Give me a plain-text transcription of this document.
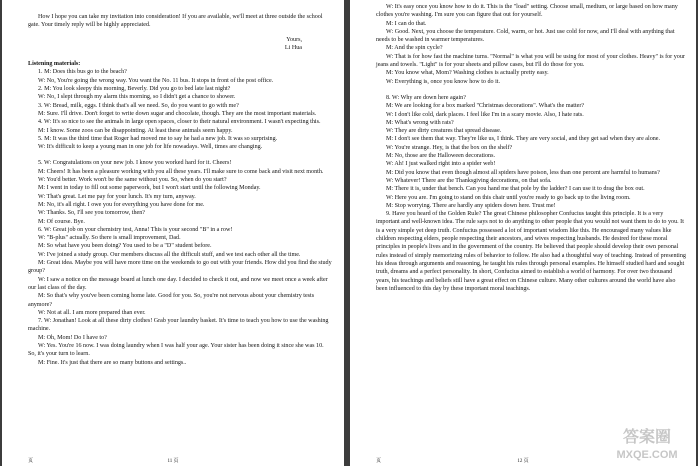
How I hope you can take my invitation into consideration! If you are available, we'll meet at three outside the school gate. Your timely reply will be highly appreciated.

Yours,

Li Hua

Listening materials:

1. M: Does this bus go to the beach?

W: No, You're going the wrong way. You want the No. 11 bus. It stops in front of the post office.

2. M: You look sleepy this morning, Beverly. Did you go to bed late last night?

W: No, I slept through my alarm this morning, so I didn't get a chance to shower.

3. W: Bread, milk, eggs. I think that's all we need. So, do you want to go with me?

M: Sure. I'll drive. Don't forget to write down sugar and chocolate, though. They are the most important materials.

4. W: It's so nice to see the animals in large open spaces, closer to their natural environment. I wasn't expecting this.

M: I know. Some zoos can be disappointing. At least these animals seem happy.

5. M: It was the third time that Roger had moved me to say he had a new job. It was so surprising.

W: It's difficult to keep a young man in one job for life nowadays. Well, times are changing.

5. W: Congratulations on your new job. I know you worked hard for it. Cheers!

M: Cheers! It has been a pleasure working with you all these years. I'll make sure to come back and visit next month.

W: You'd better. Work won't be the same without you. So, when do you start?

M: I went in today to fill out some paperwork, but I won't start until the following Monday.

W: That's great. Let me pay for your lunch. It's my turn, anyway.

M: No, it's all right. I owe you for everything you have done for me.

W: Thanks. So, I'll see you tomorrow, then?

M: Of course. Bye.

6. W: Great job on your chemistry test, Anna! This is your second "B" in a row!

W: "B-plus" actually. So there is small improvement, Dad.

M: So what have you been doing? You used to be a "D" student before.

W: I've joined a study group. Our members discuss all the difficult stuff, and we test each other all the time.

M: Great idea. Maybe you will have more time on the weekends to go out with your friends. How did you find the study group?

W: I saw a notice on the message board at lunch one day. I decided to check it out, and now we meet once a week after our last class of the day.

M: So that's why you've been coming home late. Good for you. So, you're not nervous about your chemistry tests anymore?

W: Not at all. I am more prepared than ever.

7. W: Jonathan! Look at all these dirty clothes! Grab your laundry basket. It's time to teach you how to use the washing machine.

M: Oh, Mom! Do I have to?

W: Yes. You're 16 now. I was doing laundry when I was half your age. Your sister has been doing it since she was 10. So, it's your turn to learn.

M: Fine. It's just that there are so many buttons and settings..

页	11 页

W: It's easy once you know how to do it. This is the "load" setting. Choose small, medium, or large based on how many clothes you're washing. I'm sure you can figure that out for yourself.

M: I can do that.

W: Good. Next, you choose the temperature. Cold, warm, or hot. Just use cold for now, and I'll deal with anything that needs to be washed in warmer temperatures.

M: And the spin cycle?

W: That is for how fast the machine turns. "Normal" is what you will be using for most of your clothes. Heavy" is for your jeans and towels. "Light" is for your sheets and pillow cases, but I'll do those for you.

M: You know what, Mom? Washing clothes is actually pretty easy.

W: Everything is, once you know how to do it.

8. W: Why are down here again?

M: We are looking for a box marked "Christmas decorations". What's the matter?

W: I don't like cold, dark places. I feel like I'm in a scary movie. Also, I hate rats.

M: What's wrong with rats?

W: They are dirty creatures that spread disease.

M: I don't see them that way. They're like us, I think. They are very social, and they get sad when they are alone.

W: You're strange. Hey, is that the box on the shelf?

M: No, those are the Halloween decorations.

W: Ah! I just walked right into a spider web!

M: Did you know that even though almost all spiders have poison, less than one percent are harmful to humans?

W: Whatever! There are the Thanksgiving decorations, on that sofa.

M: There it is, under that bench. Can you hand me that pole by the ladder? I can use it to drag the box out.

W: Here you are. I'm going to stand on this chair until you're ready to go back up to the living room.

M: Stop worrying. There are hardly any spiders down here. Trust me!

9. Have you heard of the Golden Rule? The great Chinese philosopher Confucius taught this principle. It is a very important and well-known idea. The rule says not to do anything to other people that you would not want them to do to you. It is a very simple yet deep truth. Confucius possessed a lot of important wisdom like this. He encouraged many values like children respecting elders, people respecting their ancestors, and wives respecting husbands. He desired for these moral principles in people's lives and in the government of the country. He believed that people should develop their own personal rules instead of simply memorizing rules of behavior to follow. He also had a thoughtful way of teaching. Instead of presenting his ideas through arguments and reasoning, he taught his rules through personal examples. He himself studied hard and sought truth, dreams and a perfect personality. In short, Confucius aimed to establish a world of harmony. For over two thousand years, his teachings and beliefs still have a great effect on Chinese culture. Many other cultures around the world have also been influenced to this day by these important moral teachings.

页	12 页
答案圈
MXQE.COM
